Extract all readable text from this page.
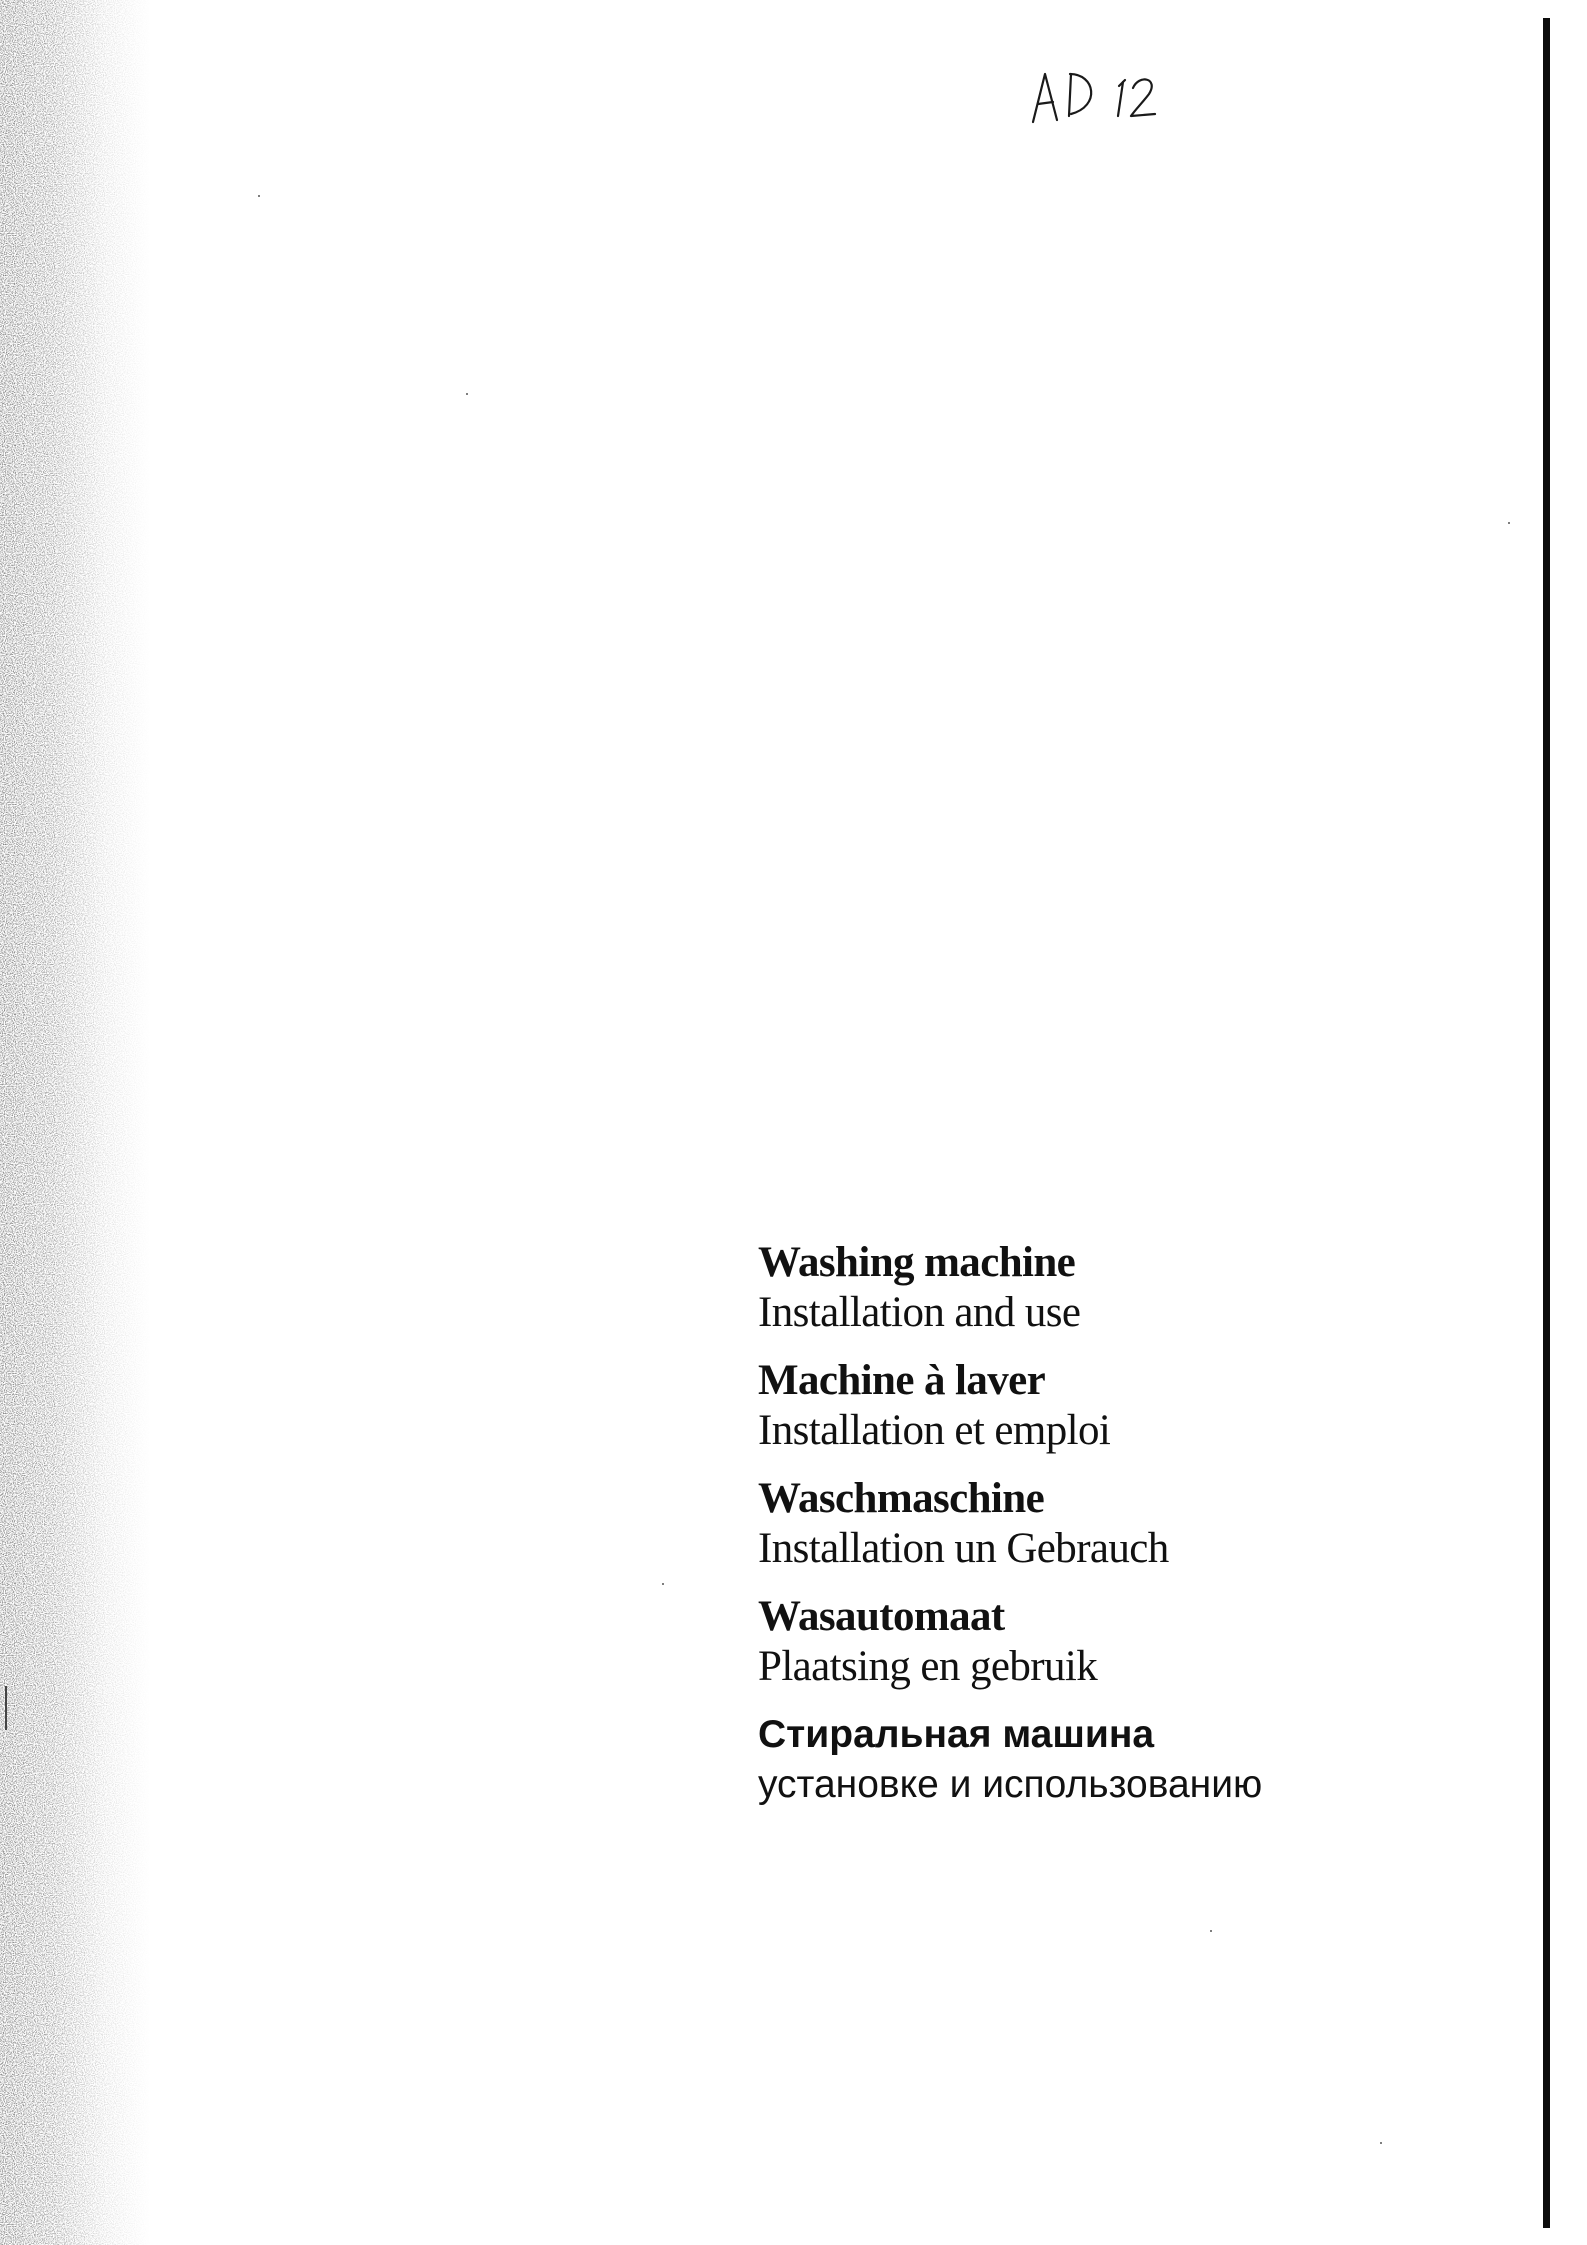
Washing machine
Installation and use
Machine à laver
Installation et emploi
Waschmaschine
Installation un Gebrauch
Wasautomaat
Plaatsing en gebruik
Стиральная машина
установке и использованию
